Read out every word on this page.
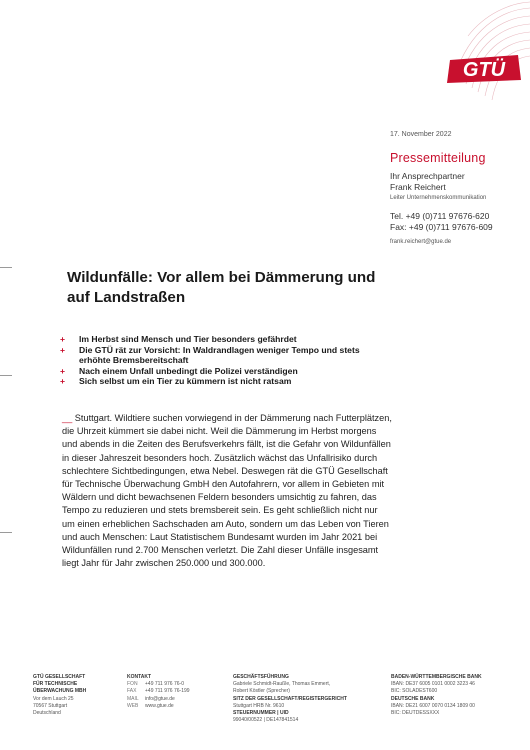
GTÜ
17. November 2022
Pressemitteilung
Ihr Ansprechpartner
Frank Reichert
Leiter Unternehmenskommunikation
Tel. +49 (0)711 97676-620
Fax: +49 (0)711 97676-609
frank.reichert@gtue.de
Wildunfälle: Vor allem bei Dämmerung und auf Landstraßen
+ Im Herbst sind Mensch und Tier besonders gefährdet
+ Die GTÜ rät zur Vorsicht: In Waldrandlagen weniger Tempo und stets erhöhte Bremsbereitschaft
+ Nach einem Unfall unbedingt die Polizei verständigen
+ Sich selbst um ein Tier zu kümmern ist nicht ratsam

__ Stuttgart. Wildtiere suchen vorwiegend in der Dämmerung nach Futterplätzen, die Uhrzeit kümmert sie dabei nicht. Weil die Dämmerung im Herbst morgens und abends in die Zeiten des Berufsverkehrs fällt, ist die Gefahr von Wildunfällen in dieser Jahreszeit besonders hoch. Zusätzlich wächst das Unfallrisiko durch schlechtere Sichtbedingungen, etwa Nebel. Deswegen rät die GTÜ Gesellschaft für Technische Überwachung GmbH den Autofahrern, vor allem in Gebieten mit Wäldern und dicht bewachsenen Feldern besonders umsichtig zu fahren, das Tempo zu reduzieren und stets bremsbereit sein. Es geht schließlich nicht nur um einen erheblichen Sachschaden am Auto, sondern um das Leben von Tieren und auch Menschen: Laut Statistischem Bundesamt wurden im Jahr 2021 bei Wildunfällen rund 2.700 Menschen verletzt. Die Zahl dieser Unfälle insgesamt liegt Jahr für Jahr zwischen 250.000 und 300.000.

GTÜ GESELLSCHAFT
FÜR TECHNISCHE
ÜBERWACHUNG MBH
Vor dem Lauch 25
70567 Stuttgart
Deutschland
KONTAKT
FON +49 711 976 76-0
FAX +49 711 976 76-199
MAIL info@gtue.de
WEB www.gtue.de
GESCHÄFTSFÜHRUNG
Gabriele Schmidt-Raußle, Thomas Emmert,
Robert Köstler (Sprecher)
SITZ DER GESELLSCHAFT/REGISTERGERICHT
Stuttgart HRB Nr. 9610
STEUERNUMMER | UID
99040/00522 | DE147841514
BADEN-WÜRTTEMBERGISCHE BANK
IBAN: DE37 6005 0101 0002 3223 46
BIC: SOLADEST600
DEUTSCHE BANK
IBAN: DE21 6007 0070 0134 1809 00
BIC: DEUTDESSXXX
